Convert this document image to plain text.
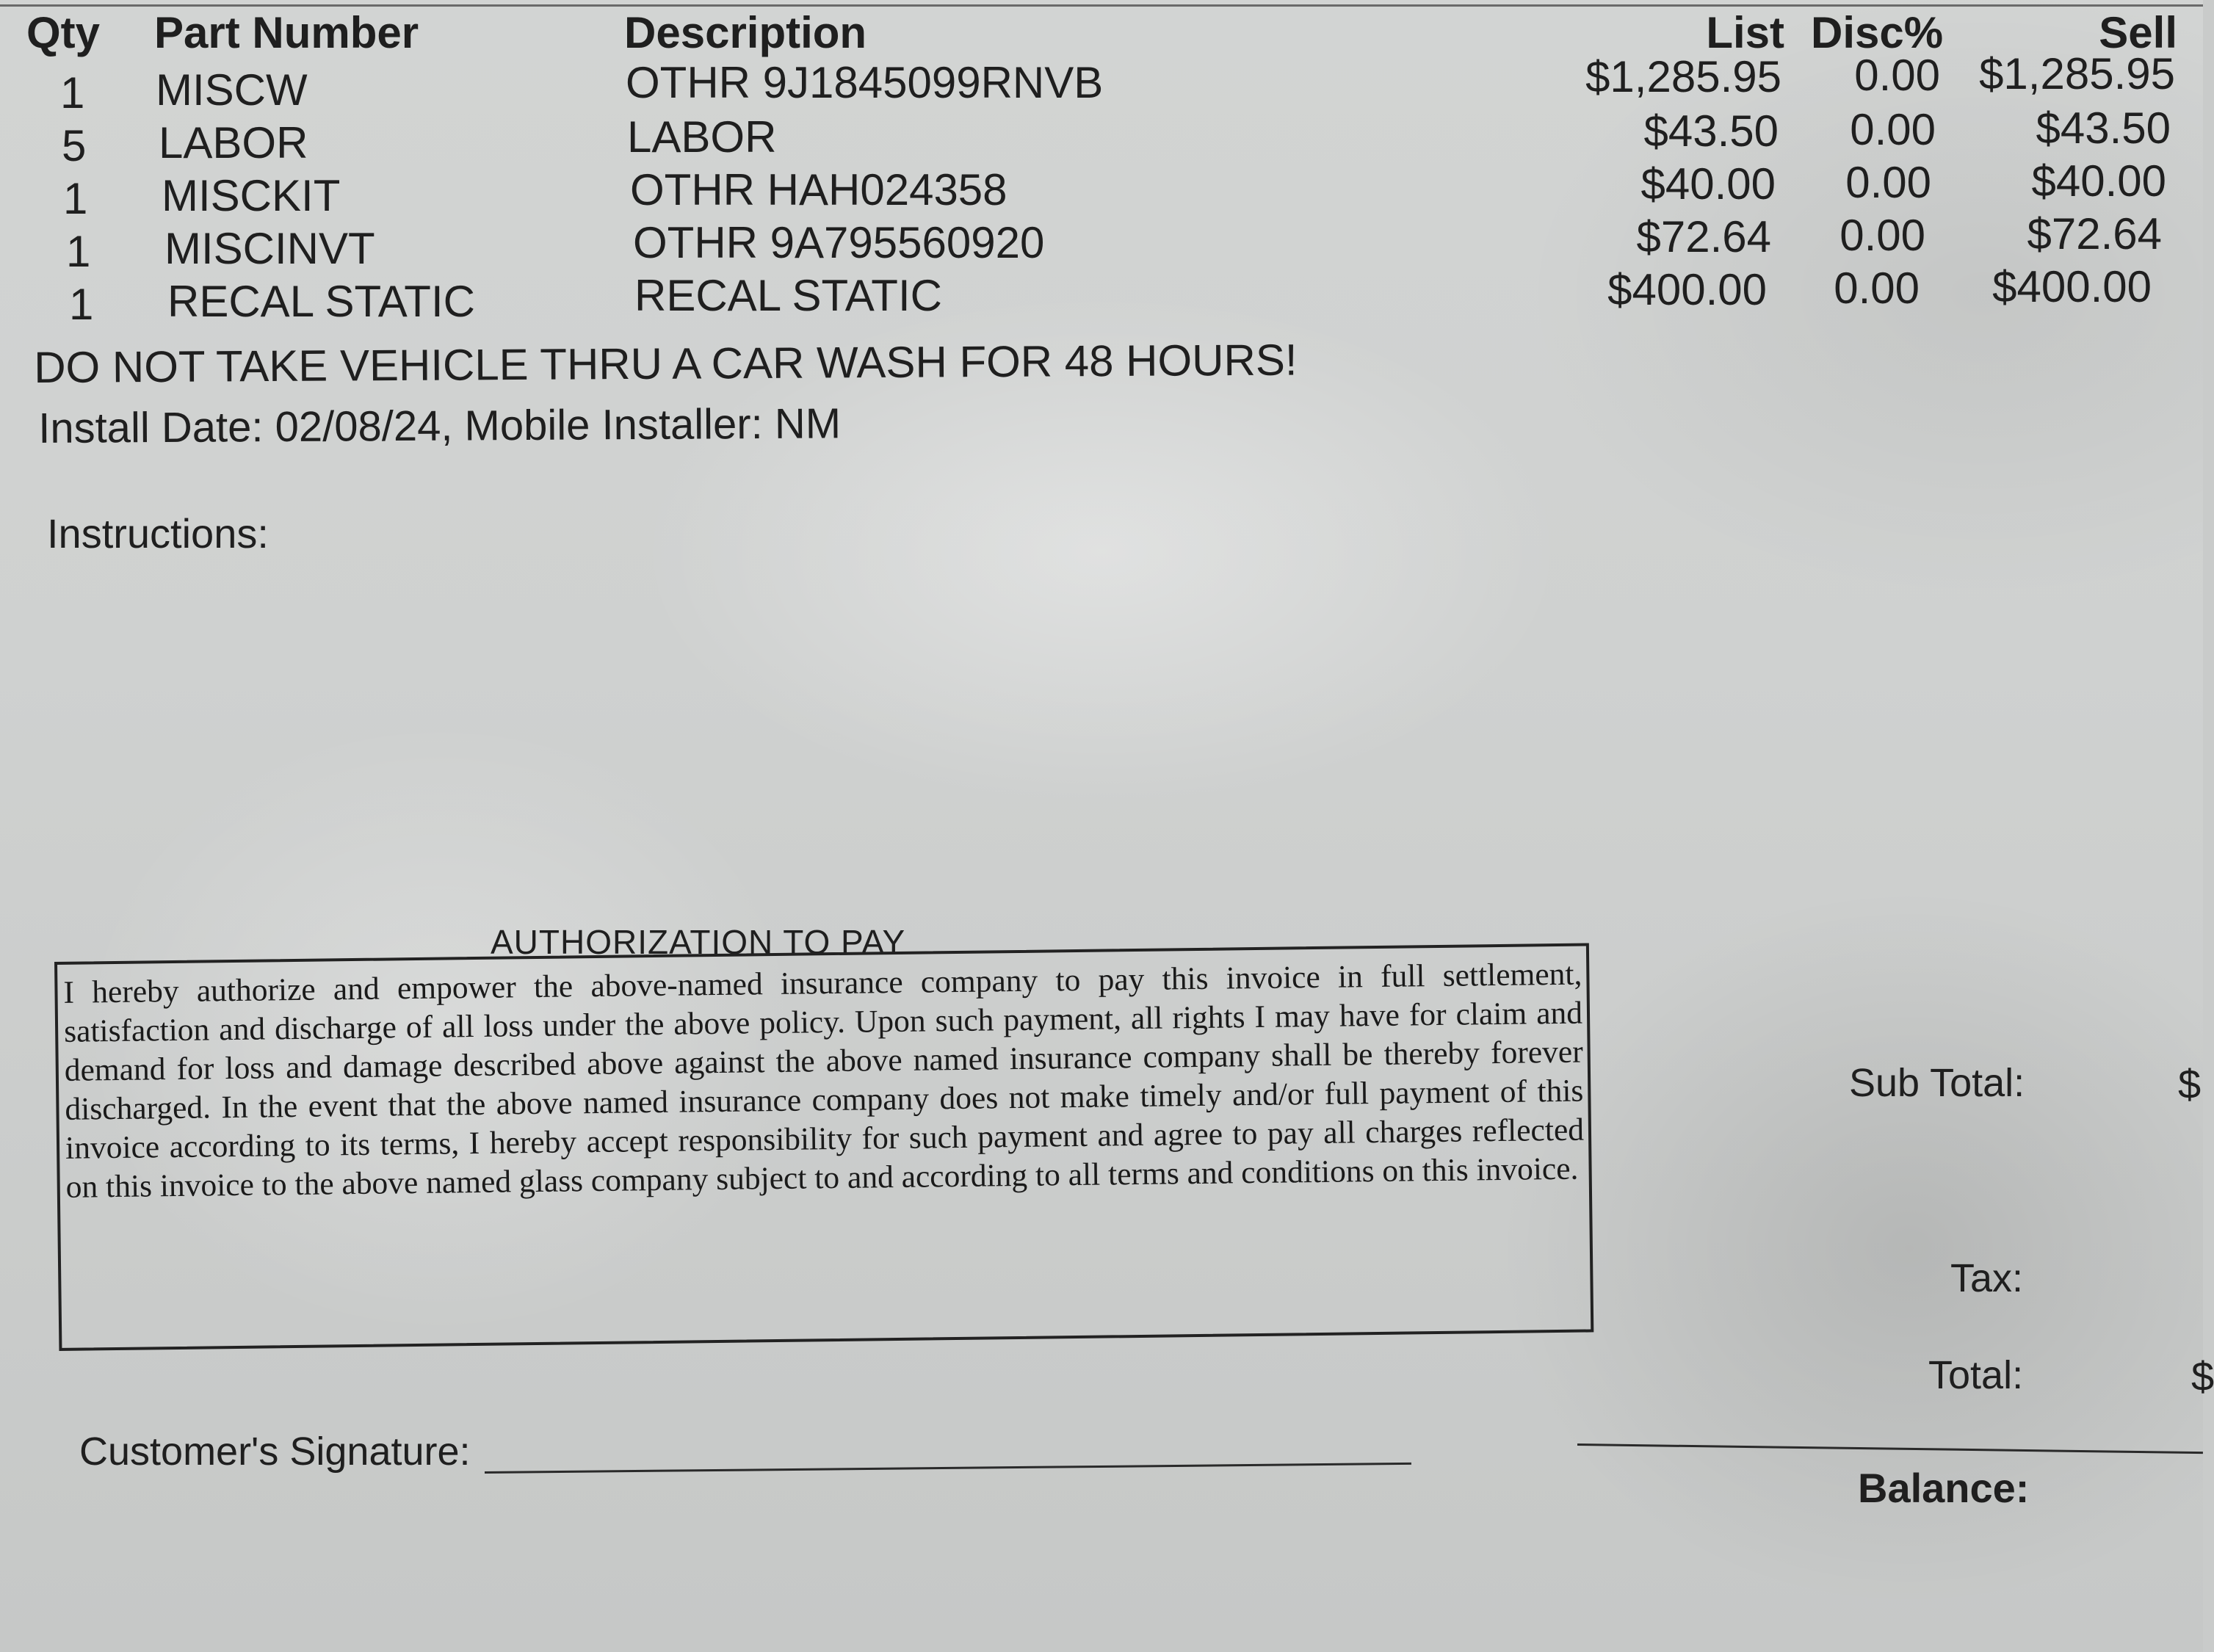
Qty Part Number	Description	List Disc%	Sell
1 MISCW	OTHR 9J1845099RNVB	$1,285.95	0.00 $1,285.95
5 LABOR	LABOR	$43.50	0.00	$43.50
1 MISCKIT	OTHR HAH024358	$40.00	0.00	$40.00
1 MISCINVT	OTHR 9A795560920	$72.64	0.00	$72.64
1 RECAL STATIC	RECAL STATIC	$400.00	0.00	$400.00
DO NOT TAKE VEHICLE THRU A CAR WASH FOR 48 HOURS!
Install Date: 02/08/24, Mobile Installer: NM
Instructions:
AUTHORIZATION TO PAY
I hereby authorize and empower the above-named insurance company to pay this invoice in full settlement, satisfaction and discharge of all loss under the above policy. Upon such payment, all rights I may have for claim and demand for loss and damage described above against the above named insurance company shall be thereby forever discharged. In the event that the above named insurance company does not make timely and/or full payment of this invoice according to its terms, I hereby accept responsibility for such payment and agree to pay all charges reflected on this invoice to the above named glass company subject to and according to all terms and conditions on this invoice.
Sub Total:	$
Tax:
Total:	$
Balance:
Customer's Signature:
